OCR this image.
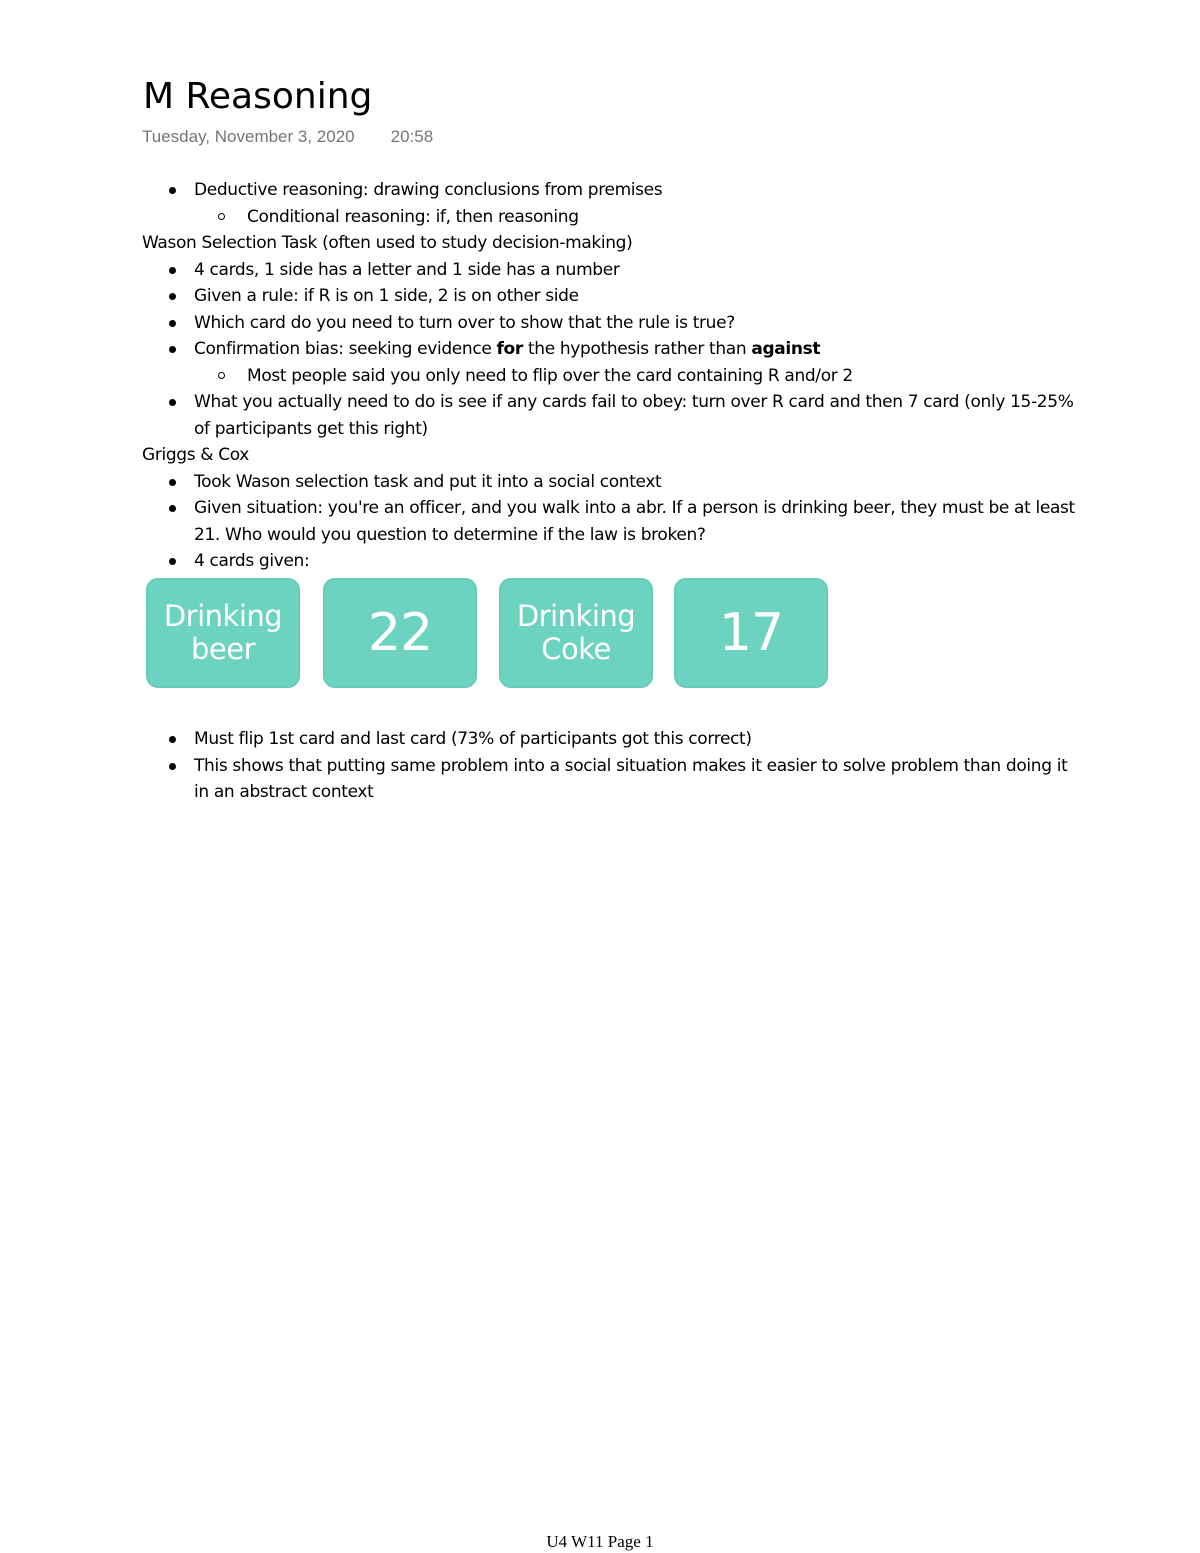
M Reasoning
Tuesday, November 3, 2020 20:58
Deductive reasoning: drawing conclusions from premises
Conditional reasoning: if, then reasoning
Wason Selection Task (often used to study decision-making)
4 cards, 1 side has a letter and 1 side has a number
Given a rule: if R is on 1 side, 2 is on other side
Which card do you need to turn over to show that the rule is true?
Confirmation bias: seeking evidence for the hypothesis rather than against
Most people said you only need to flip over the card containing R and/or 2
What you actually need to do is see if any cards fail to obey: turn over R card and then 7 card (only 15-25% of participants get this right)
Griggs & Cox
Took Wason selection task and put it into a social context
Given situation: you're an officer, and you walk into a abr. If a person is drinking beer, they must be at least 21. Who would you question to determine if the law is broken?
4 cards given:
Drinking
beer	22	Drinking
Coke	17
Must flip 1st card and last card (73% of participants got this correct)
This shows that putting same problem into a social situation makes it easier to solve problem than doing it in an abstract context
U4 W11 Page 1
